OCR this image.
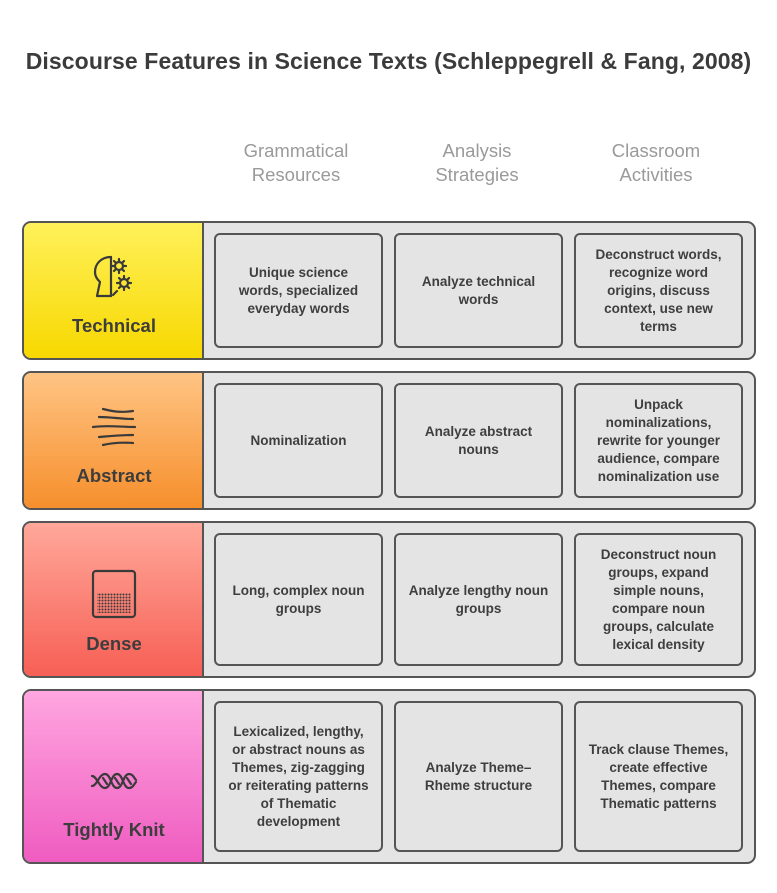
Discourse Features in Science Texts (Schleppegrell & Fang, 2008)
Grammatical
Resources
Analysis
Strategies
Classroom
Activities
Technical
Unique science words, specialized everyday words
Analyze technical words
Deconstruct words, recognize word origins, discuss context, use new terms
Abstract
Nominalization
Analyze abstract nouns
Unpack nominalizations, rewrite for younger audience, compare nominalization use
Dense
Long, complex noun groups
Analyze lengthy noun groups
Deconstruct noun groups, expand simple nouns, compare noun groups, calculate lexical density
Tightly Knit
Lexicalized, lengthy, or abstract nouns as Themes, zig-zagging or reiterating patterns of Thematic development
Analyze Theme–Rheme structure
Track clause Themes, create effective Themes, compare Thematic patterns
